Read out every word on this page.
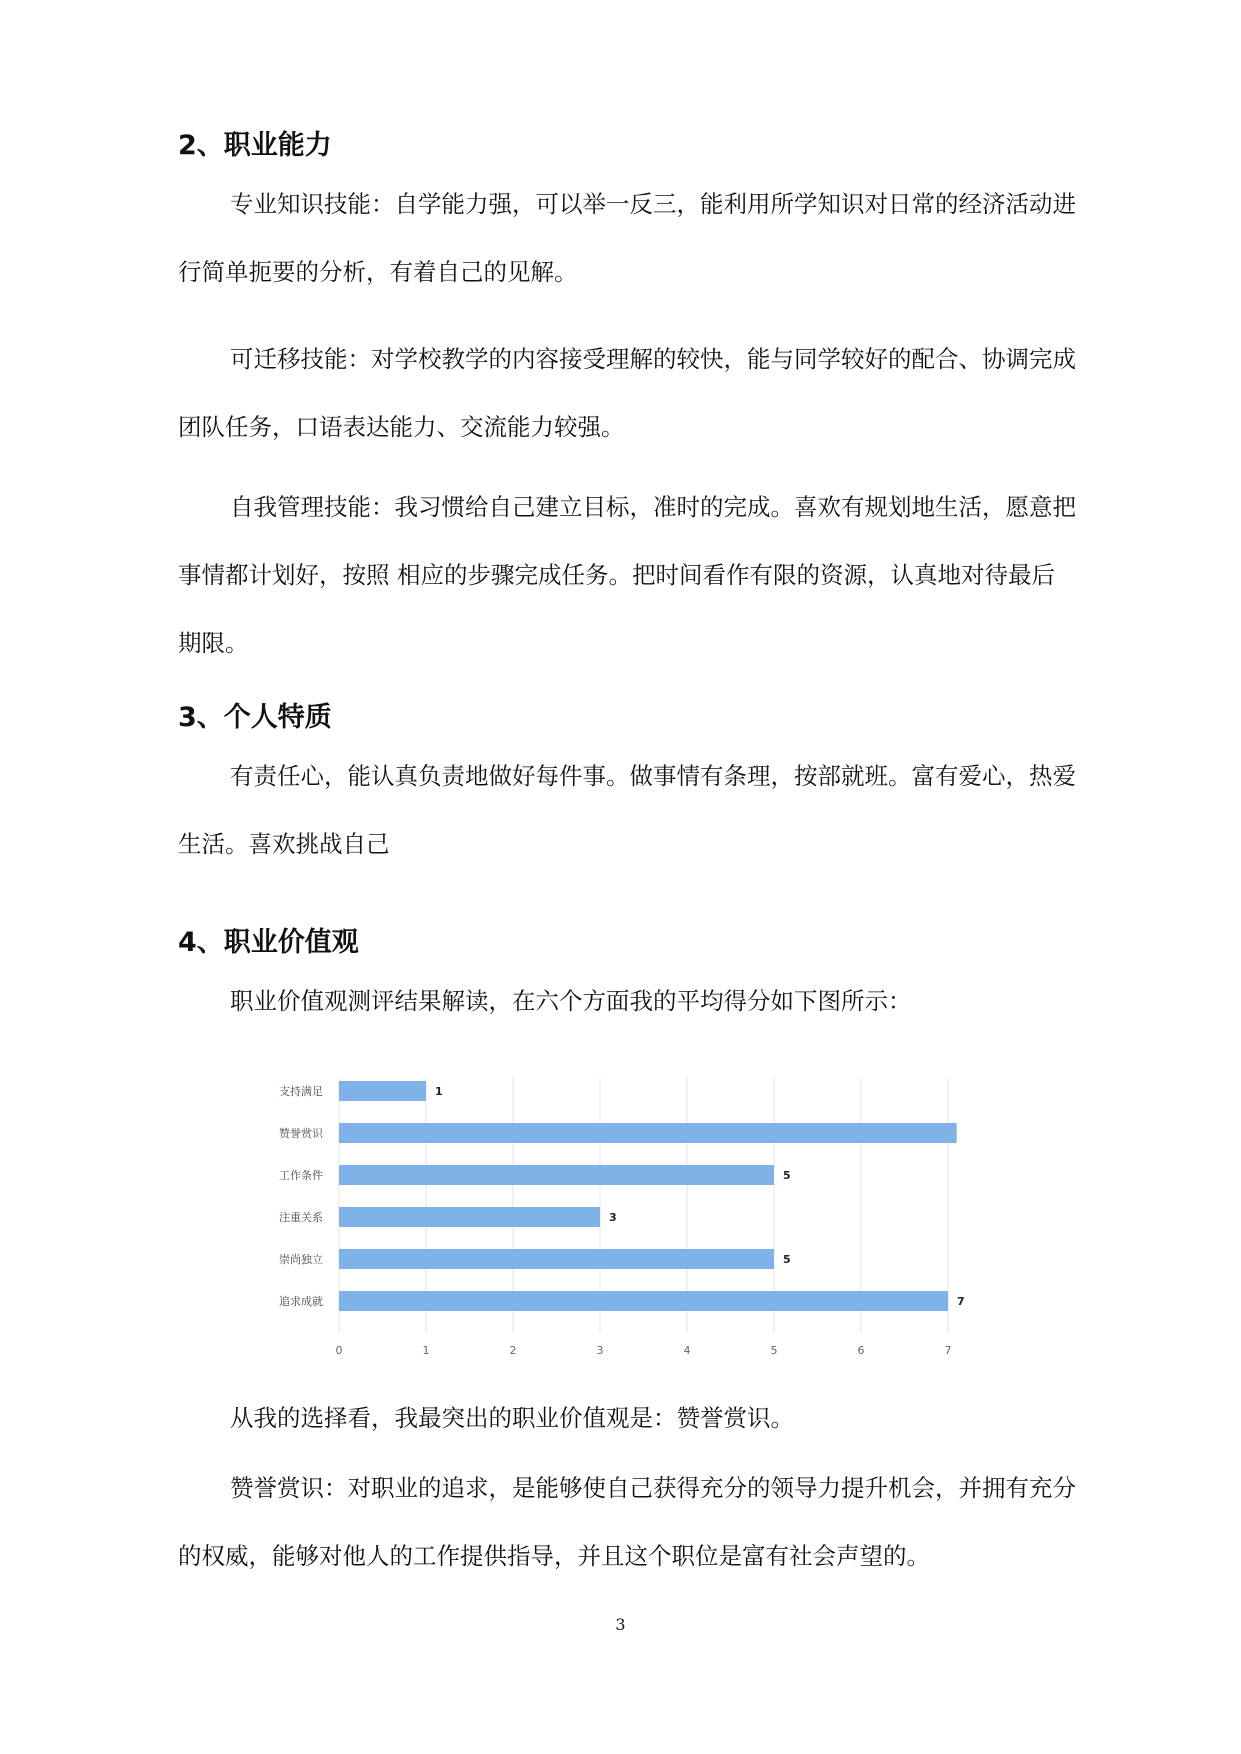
2、职业能力

专业知识技能：自学能力强，可以举一反三，能利用所学知识对日常的经济活动进行简单扼要的分析，有着自己的见解。

可迁移技能：对学校教学的内容接受理解的较快，能与同学较好的配合、协调完成团队任务，口语表达能力、交流能力较强。

自我管理技能：我习惯给自己建立目标，准时的完成。喜欢有规划地生活，愿意把事情都计划好，按照 相应的步骤完成任务。把时间看作有限的资源，认真地对待最后期限。

3、个人特质

有责任心，能认真负责地做好每件事。做事情有条理，按部就班。富有爱心，热爱生活。喜欢挑战自己

4、职业价值观

职业价值观测评结果解读，在六个方面我的平均得分如下图所示：

0	1	2	3	4	5	6	7
支持满足	1
赞誉赏识
工作条件	5
注重关系	3
崇尚独立	5
追求成就	7

从我的选择看，我最突出的职业价值观是：赞誉赏识。

赞誉赏识：对职业的追求，是能够使自己获得充分的领导力提升机会，并拥有充分的权威，能够对他人的工作提供指导，并且这个职位是富有社会声望的。

3
